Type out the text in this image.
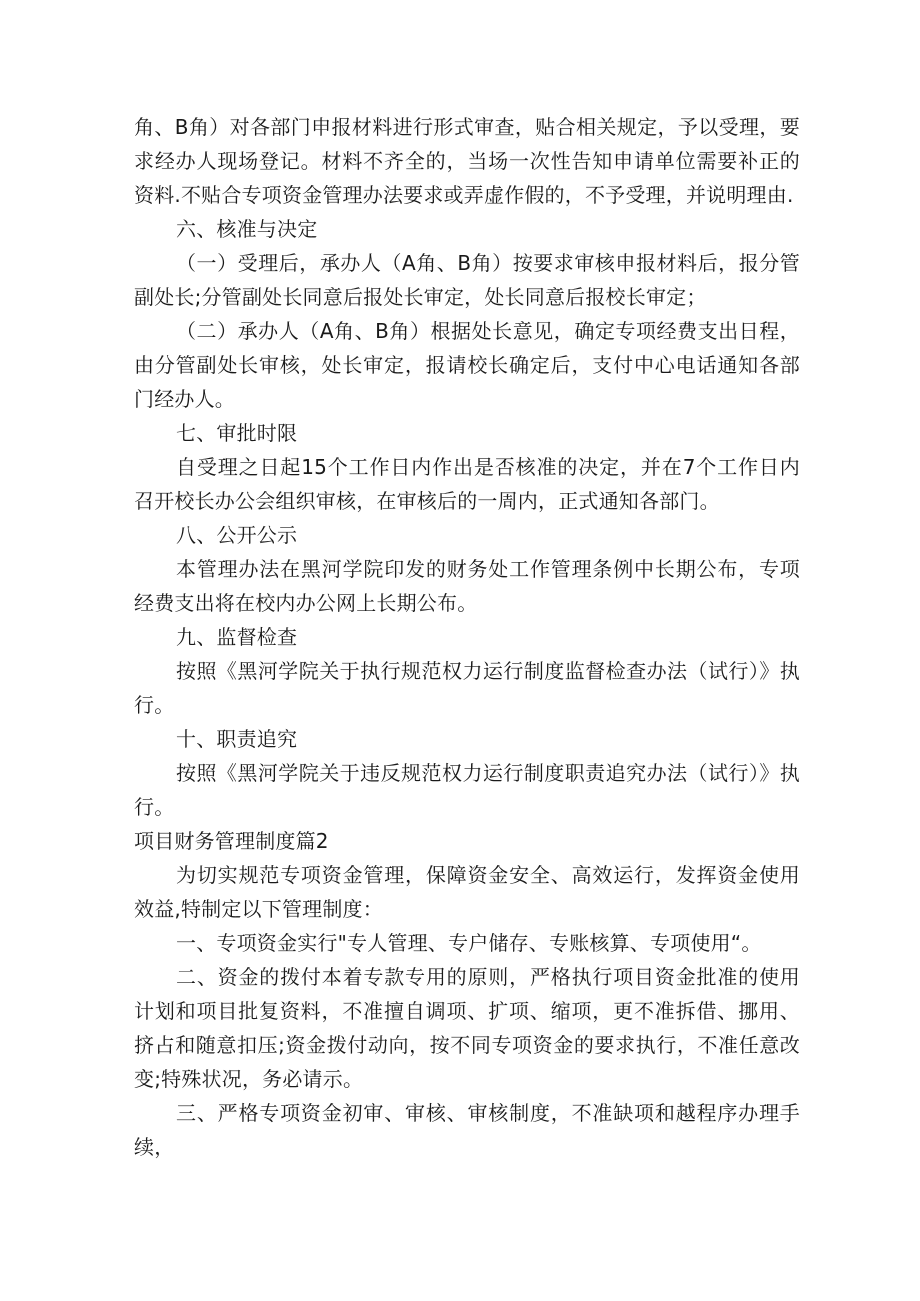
角、B角）对各部门申报材料进行形式审查，贴合相关规定，予以受理，要求经办人现场登记。材料不齐全的，当场一次性告知申请单位需要补正的资料.不贴合专项资金管理办法要求或弄虚作假的，不予受理，并说明理由.

六、核准与决定

（一）受理后，承办人（A角、B角）按要求审核申报材料后，报分管副处长;分管副处长同意后报处长审定，处长同意后报校长审定；

（二）承办人（A角、B角）根据处长意见，确定专项经费支出日程，由分管副处长审核，处长审定，报请校长确定后，支付中心电话通知各部门经办人。

七、审批时限

自受理之日起15个工作日内作出是否核准的决定，并在7个工作日内召开校长办公会组织审核，在审核后的一周内，正式通知各部门。

八、公开公示

本管理办法在黑河学院印发的财务处工作管理条例中长期公布，专项经费支出将在校内办公网上长期公布。

九、监督检查

按照《黑河学院关于执行规范权力运行制度监督检查办法（试行）》执行。

十、职责追究

按照《黑河学院关于违反规范权力运行制度职责追究办法（试行）》执行。

项目财务管理制度篇2

为切实规范专项资金管理，保障资金安全、高效运行，发挥资金使用效益,特制定以下管理制度：

一、专项资金实行"专人管理、专户储存、专账核算、专项使用“。

二、资金的拨付本着专款专用的原则，严格执行项目资金批准的使用计划和项目批复资料，不准擅自调项、扩项、缩项，更不准拆借、挪用、挤占和随意扣压;资金拨付动向，按不同专项资金的要求执行，不准任意改变;特殊状况，务必请示。

三、严格专项资金初审、审核、审核制度，不准缺项和越程序办理手续，
